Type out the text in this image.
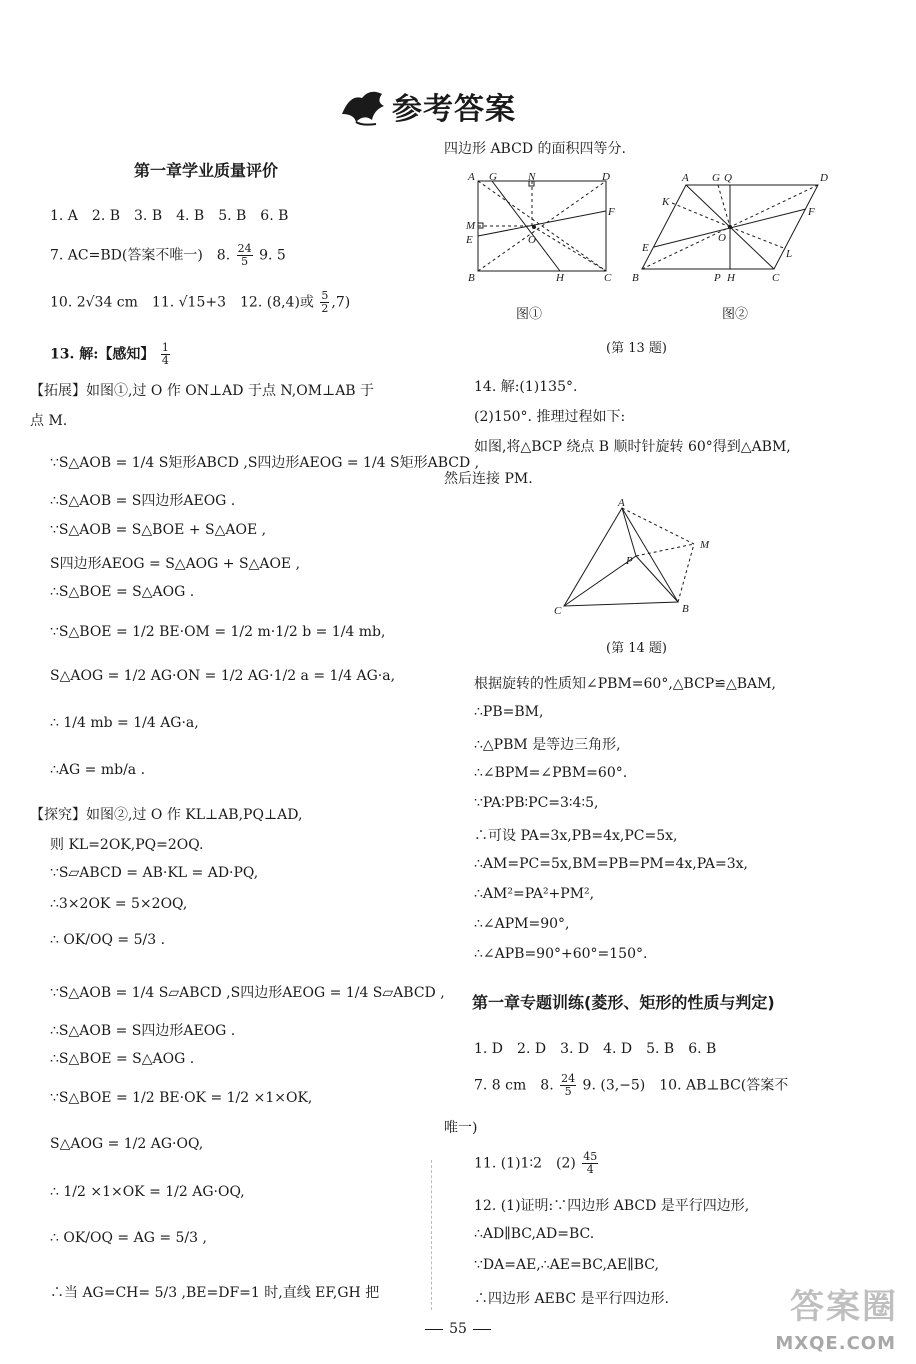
参考答案
第一章学业质量评价
1. A　2. B　3. B　4. B　5. B　6. B
7. AC=BD(答案不唯一)　8. $\frac{24}{5} 9$. 5
10. 2√34 cm　11. √15+3　12. (8,4)或 $\frac{5}{2} ,7$)
13. 解:【感知】 $\frac{1}{4}$
【拓展】如图①,过 O 作 ON⊥AD 于点 N,OM⊥AB 于
点 M.
∵S△AOB = 1/4 S矩形ABCD ,S四边形AEOG = 1/4 S矩形ABCD ,
∴S△AOB = S四边形AEOG .
∵S△AOB = S△BOE + S△AOE ,
S四边形AEOG = S△AOG + S△AOE ,
∴S△BOE = S△AOG .
∵S△BOE = 1/2 BE·OM = 1/2 m·1/2 b = 1/4 mb,
S△AOG = 1/2 AG·ON = 1/2 AG·1/2 a = 1/4 AG·a,
∴ 1/4 mb = 1/4 AG·a,
∴AG = mb/a .
【探究】如图②,过 O 作 KL⊥AB,PQ⊥AD,
则 KL=2OK,PQ=2OQ.
∵S▱ABCD = AB·KL = AD·PQ,
∴3×2OK = 5×2OQ,
∴ OK/OQ = 5/3 .
∵S△AOB = 1/4 S▱ABCD ,S四边形AEOG = 1/4 S▱ABCD ,
∴S△AOB = S四边形AEOG .
∴S△BOE = S△AOG .
∵S△BOE = 1/2 BE·OK = 1/2 ×1×OK,
S△AOG = 1/2 AG·OQ,
∴ 1/2 ×1×OK = 1/2 AG·OQ,
∴ OK/OQ = AG = 5/3 ,
∴当 AG=CH= 5/3 ,BE=DF=1 时,直线 EF,GH 把
四边形 ABCD 的面积四等分.
A G	N	D
F
M
E	O
B	H	C
图①
A G Q	D
K
F
E
O
L
B	P H	C
图②
(第 13 题)
14. 解:(1)135°.
(2)150°. 推理过程如下:
如图,将△BCP 绕点 B 顺时针旋转 60°得到△ABM,
然后连接 PM.
A
M
P
C	B
(第 14 题)
根据旋转的性质知∠PBM=60°,△BCP≌△BAM,
∴PB=BM,
∴△PBM 是等边三角形,
∴∠BPM=∠PBM=60°.
∵PA∶PB∶PC=3∶4∶5,
∴可设 PA=3x,PB=4x,PC=5x,
∴AM=PC=5x,BM=PB=PM=4x,PA=3x,
∴AM²=PA²+PM²,
∴∠APM=90°,
∴∠APB=90°+60°=150°.
第一章专题训练(菱形、矩形的性质与判定)
1. D　2. D　3. D　4. D　5. B　6. B
7. 8 cm　8. $\frac{24}{5} 9$. (3,−5)　10. AB⊥BC(答案不
唯一)
11. (1)1∶2　$(2) \frac{45}{4}$
12. (1)证明:∵四边形 ABCD 是平行四边形,
∴AD∥BC,AD=BC.
∵DA=AE,∴AE=BC,AE∥BC,
∴四边形 AEBC 是平行四边形.
55
答案圈
MXQE.COM
